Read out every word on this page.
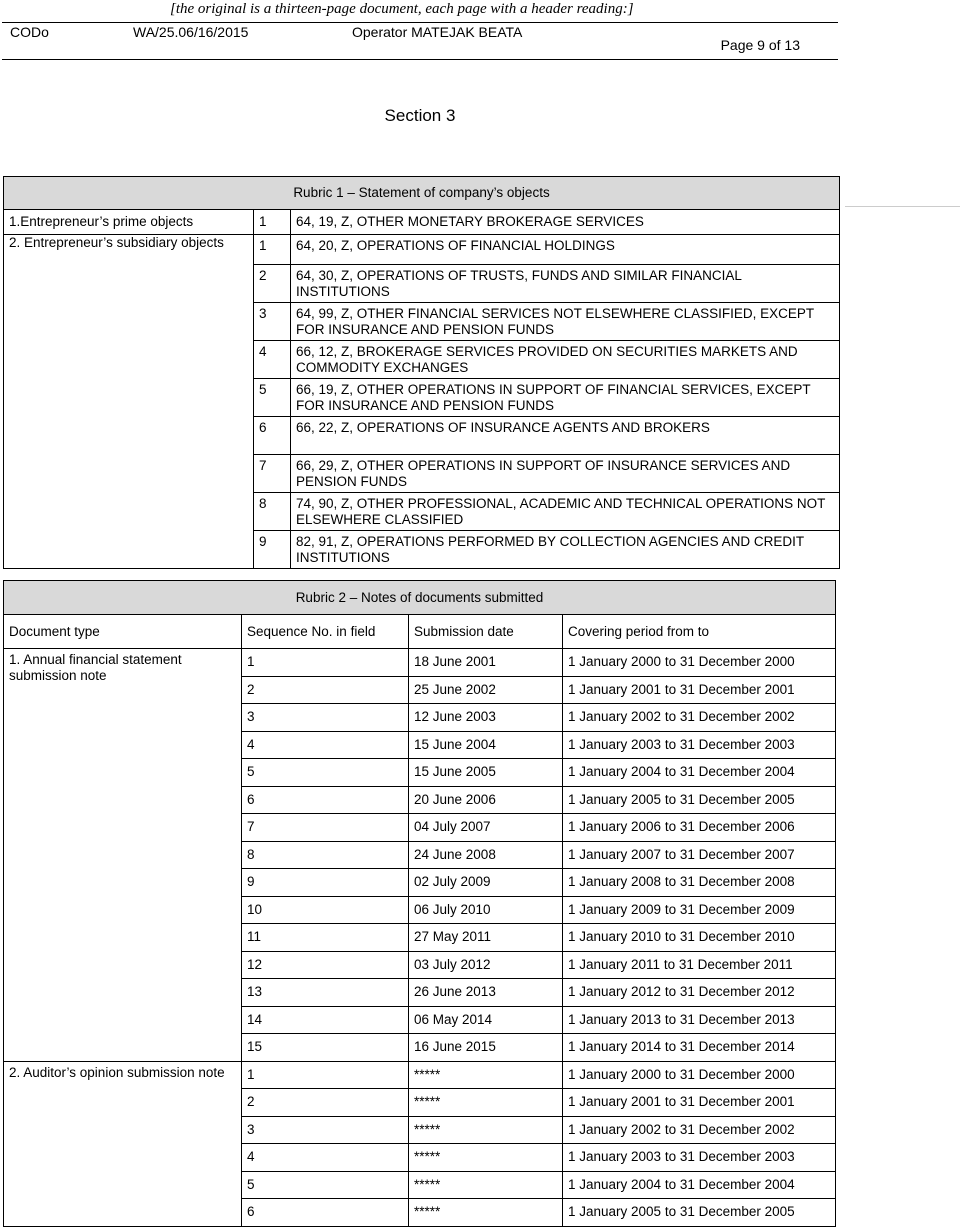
[the original is a thirteen-page document, each page with a header reading:]
CODo	WA/25.06/16/2015	Operator MATEJAK BEATA
Page 9 of 13
Section 3
Rubric 1 – Statement of company’s objects		
1.Entrepreneur’s prime objects	1	64, 19, Z, OTHER MONETARY BROKERAGE SERVICES
2. Entrepreneur’s subsidiary objects	1	64, 20, Z, OPERATIONS OF FINANCIAL HOLDINGS
	2	64, 30, Z, OPERATIONS OF TRUSTS, FUNDS AND SIMILAR FINANCIAL INSTITUTIONS
	3	64, 99, Z, OTHER FINANCIAL SERVICES NOT ELSEWHERE CLASSIFIED, EXCEPT FOR INSURANCE AND PENSION FUNDS
	4	66, 12, Z, BROKERAGE SERVICES PROVIDED ON SECURITIES MARKETS AND COMMODITY EXCHANGES
	5	66, 19, Z, OTHER OPERATIONS IN SUPPORT OF FINANCIAL SERVICES, EXCEPT FOR INSURANCE AND PENSION FUNDS
	6	66, 22, Z, OPERATIONS OF INSURANCE AGENTS AND BROKERS
	7	66, 29, Z, OTHER OPERATIONS IN SUPPORT OF INSURANCE SERVICES AND PENSION FUNDS
	8	74, 90, Z, OTHER PROFESSIONAL, ACADEMIC AND TECHNICAL OPERATIONS NOT ELSEWHERE CLASSIFIED
	9	82, 91, Z, OPERATIONS PERFORMED BY COLLECTION AGENCIES AND CREDIT INSTITUTIONS
Rubric 2 – Notes of documents submitted			
Document type	Sequence No. in field	Submission date	Covering period from to
1. Annual financial statement submission note	1	18 June 2001	1 January 2000 to 31 December 2000
	2	25 June 2002	1 January 2001 to 31 December 2001
	3	12 June 2003	1 January 2002 to 31 December 2002
	4	15 June 2004	1 January 2003 to 31 December 2003
	5	15 June 2005	1 January 2004 to 31 December 2004
	6	20 June 2006	1 January 2005 to 31 December 2005
	7	04 July 2007	1 January 2006 to 31 December 2006
	8	24 June 2008	1 January 2007 to 31 December 2007
	9	02 July 2009	1 January 2008 to 31 December 2008
	10	06 July 2010	1 January 2009 to 31 December 2009
	11	27 May 2011	1 January 2010 to 31 December 2010
	12	03 July 2012	1 January 2011 to 31 December 2011
	13	26 June 2013	1 January 2012 to 31 December 2012
	14	06 May 2014	1 January 2013 to 31 December 2013
	15	16 June 2015	1 January 2014 to 31 December 2014
2. Auditor’s opinion submission note	1	*****	1 January 2000 to 31 December 2000
	2	*****	1 January 2001 to 31 December 2001
	3	*****	1 January 2002 to 31 December 2002
	4	*****	1 January 2003 to 31 December 2003
	5	*****	1 January 2004 to 31 December 2004
	6	*****	1 January 2005 to 31 December 2005
